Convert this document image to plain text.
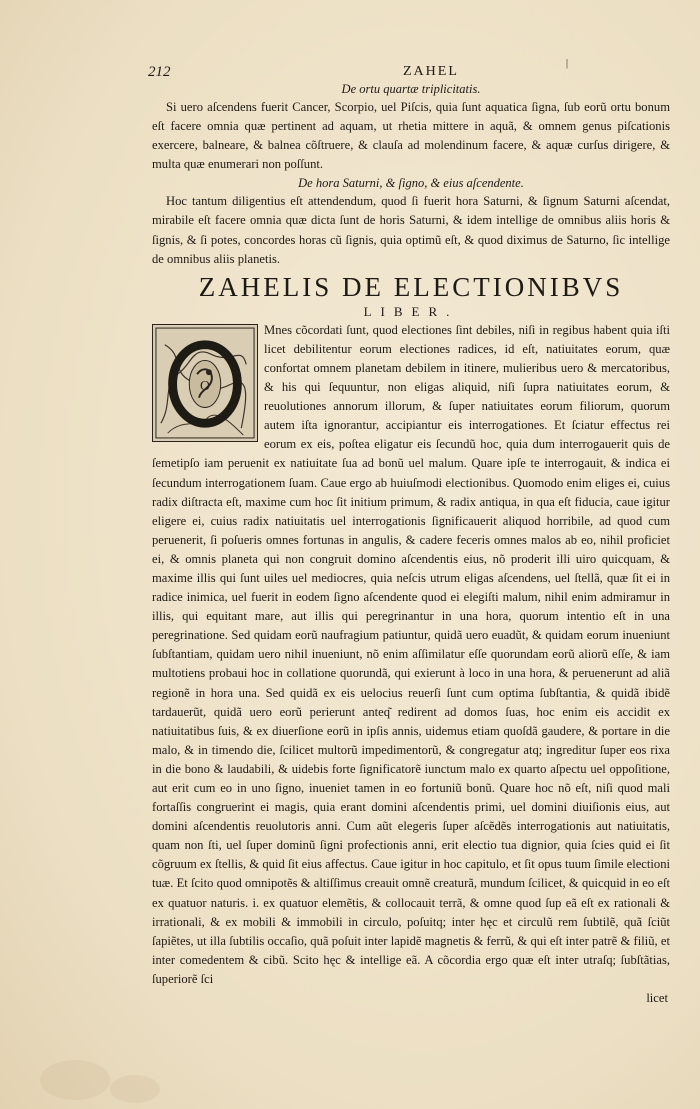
212	ZAHEL
|

De ortu quartæ triplicitatis.

Si uero aſcendens fuerit Cancer, Scorpio, uel Piſcis, quia ſunt aquatica ſigna, ſub eorũ ortu bonum eſt facere omnia quæ pertinent ad aquam, ut rhetia mittere in aquã, & omnem genus piſcationis exercere, balneare, & balnea cõſtruere, & clauſa ad molendinum facere, & aquæ curſus dirigere, & multa quæ enumerari non poſſunt.

De hora Saturni, & ſigno, & eius aſcendente.

Hoc tantum diligentius eſt attendendum, quod ſi fuerit hora Saturni, & ſignum Saturni aſcendat, mirabile eſt facere omnia quæ dicta ſunt de horis Saturni, & idem intellige de omnibus aliis horis & ſignis, & ſi potes, concordes horas cũ ſignis, quia optimũ eſt, & quod diximus de Saturno, ſic intellige de omnibus aliis planetis.

ZAHELIS DE ELECTIONIBVS
LIBER.
O

Mnes cõcordati ſunt, quod electiones ſint debiles, niſi in regibus habent quia iſti licet debilitentur eorum electiones radices, id eſt, natiuitates eorum, quæ confortat omnem planetam debilem in itinere, mulieribus uero & mercatoribus, & his qui ſequuntur, non eligas aliquid, niſi ſupra natiuitates eorum, & reuolutiones annorum illorum, & ſuper natiuitates eorum filiorum, quorum autem iſta ignorantur, accipiantur eis interrogationes. Et ſciatur effectus rei eorum ex eis, poſtea eligatur eis ſecundũ hoc, quia dum interrogauerit quis de ſemetipſo iam peruenit ex natiuitate ſua ad bonũ uel malum. Quare ipſe te interrogauit, & indica ei ſecundum interrogationem ſuam. Caue ergo ab huiuſmodi electionibus. Quomodo enim eliges ei, cuius radix diſtracta eſt, maxime cum hoc ſit initium primum, & radix antiqua, in qua eſt fiducia, caue igitur eligere ei, cuius radix natiuitatis uel interrogationis ſignificauerit aliquod horribile, ad quod cum peruenerit, ſi poſueris omnes fortunas in angulis, & cadere feceris omnes malos ab eo, nihil proficiet ei, & omnis planeta qui non congruit domino aſcendentis eius, nõ proderit illi uiro quicquam, & maxime illis qui ſunt uiles uel mediocres, quia neſcis utrum eligas aſcendens, uel ſtellã, quæ ſit ei in radice inimica, uel fuerit in eodem ſigno aſcendente quod ei elegiſti malum, nihil enim admiramur in illis, qui equitant mare, aut illis qui peregrinantur in una hora, quorum intentio eſt in una peregrinatione. Sed quidam eorũ naufragium patiuntur, quidã uero euadũt, & quidam eorum inueniunt ſubſtantiam, quidam uero nihil inueniunt, nõ enim aſſimilatur eſſe quorundam eorũ aliorũ eſſe, & iam multotiens probaui hoc in collatione quorundã, qui exierunt à loco in una hora, & peruenerunt ad aliã regionẽ in hora una. Sed quidã ex eis uelocius reuerſi ſunt cum optima ſubſtantia, & quidã ibidẽ tardauerũt, quidã uero eorũ perierunt anteq͂ redirent ad domos ſuas, hoc enim eis accidit ex natiuitatibus ſuis, & ex diuerſione eorũ in ipſis annis, uidemus etiam quoſdã gaudere, & portare in die malo, & in timendo die, ſcilicet multorũ impedimentorũ, & congregatur atq; ingreditur ſuper eos rixa in die bono & laudabili, & uidebis forte ſignificatorẽ iunctum malo ex quarto aſpectu uel oppoſitione, aut erit cum eo in uno ſigno, inueniet tamen in eo fortuniũ bonũ. Quare hoc nõ eſt, niſi quod mali fortaſſis congruerint ei magis, quia erant domini aſcendentis primi, uel domini diuiſionis eius, aut domini aſcendentis reuolutoris anni. Cum aũt elegeris ſuper aſcẽdẽs interrogationis aut natiuitatis, quam non ſti, uel ſuper dominũ ſigni profectionis anni, erit electio tua dignior, quia ſcies quid ei ſit cõgruum ex ſtellis, & quid ſit eius affectus. Caue igitur in hoc capitulo, et ſit opus tuum ſimile electioni tuæ. Et ſcito quod omnipotẽs & altiſſimus creauit omnẽ creaturã, mundum ſcilicet, & quicquid in eo eſt ex quatuor naturis. i. ex quatuor elemẽtis, & collocauit terrã, & omne quod ſup eã eſt ex rationali & irrationali, & ex mobili & immobili in circulo, poſuitq; inter hęc et circulũ rem ſubtilẽ, quã ſciũt ſapiẽtes, ut illa ſubtilis occaſio, quã poſuit inter lapidẽ magnetis & ferrũ, & qui eſt inter patrẽ & filiũ, et inter comedentem & cibũ. Scito hęc & intellige eã. A cõcordia ergo quæ eſt inter utraſq; ſubſtãtias, ſuperiorẽ ſci

licet
